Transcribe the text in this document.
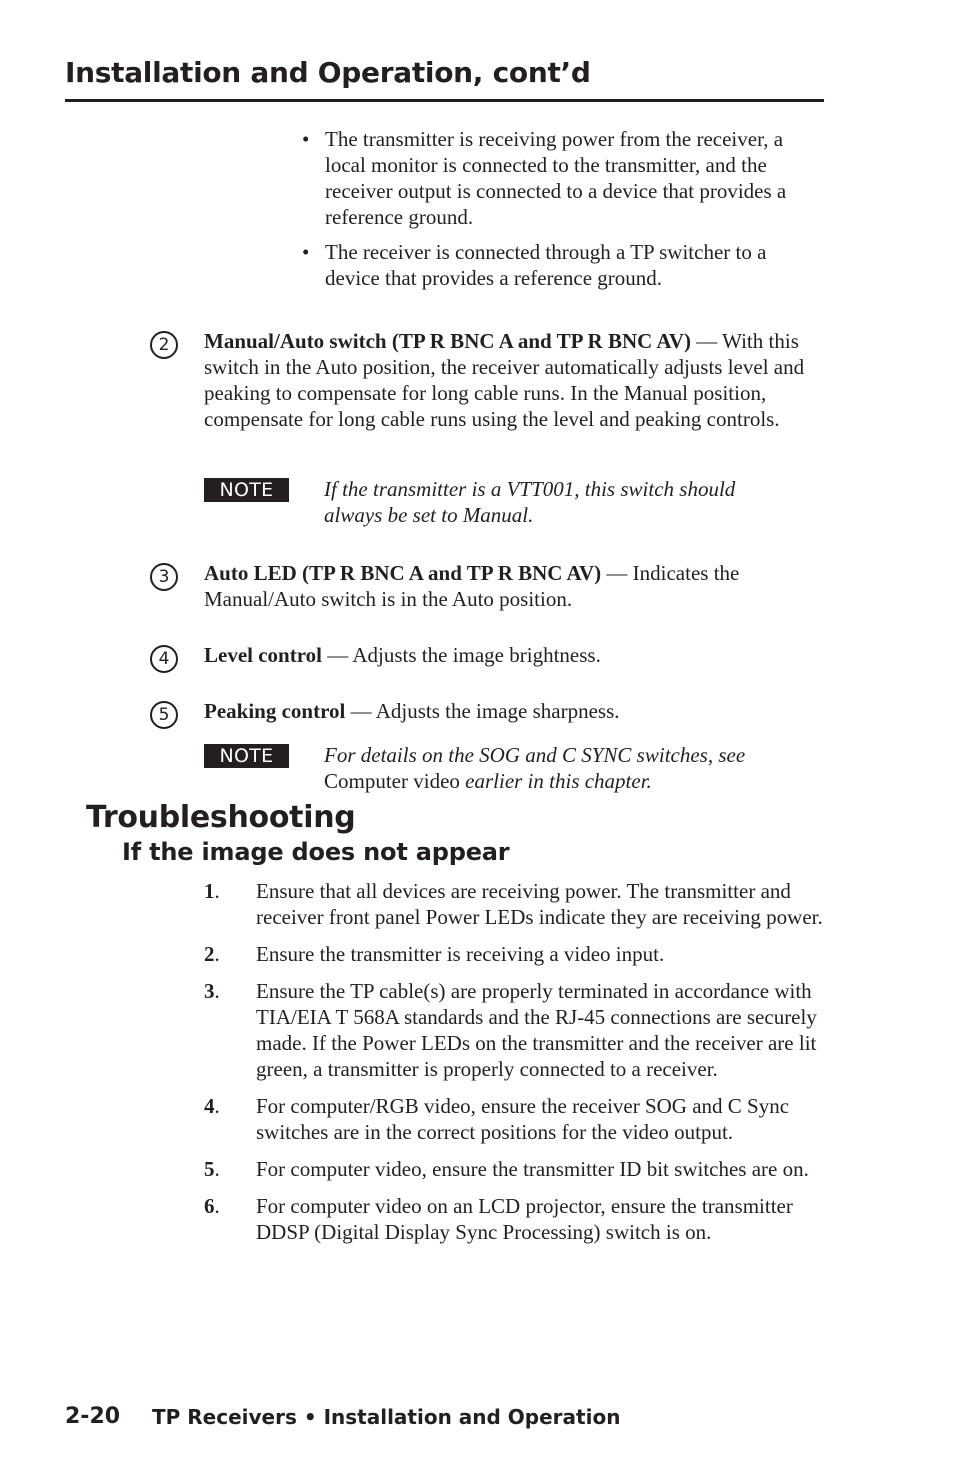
Installation and Operation, cont’d
• The transmitter is receiving power from the receiver, a local monitor is connected to the transmitter, and the receiver output is connected to a device that provides a reference ground.
• The receiver is connected through a TP switcher to a device that provides a reference ground.
2	Manual/Auto switch (TP R BNC A and TP R BNC AV) — With this switch in the Auto position, the receiver automatically adjusts level and peaking to compensate for long cable runs. In the Manual position, compensate for long cable runs using the level and peaking controls.
NOTE	If the transmitter is a VTT001, this switch should always be set to Manual.
3	Auto LED (TP R BNC A and TP R BNC AV) — Indicates the Manual/Auto switch is in the Auto position.
4	Level control — Adjusts the image brightness.
5	Peaking control — Adjusts the image sharpness.
NOTE	For details on the SOG and C SYNC switches, see Computer video earlier in this chapter.
Troubleshooting
If the image does not appear
1. Ensure that all devices are receiving power. The transmitter and receiver front panel Power LEDs indicate they are receiving power.
2. Ensure the transmitter is receiving a video input.
3. Ensure the TP cable(s) are properly terminated in accordance with TIA/EIA T 568A standards and the RJ-45 connections are securely made. If the Power LEDs on the transmitter and the receiver are lit green, a transmitter is properly connected to a receiver.
4. For computer/RGB video, ensure the receiver SOG and C Sync switches are in the correct positions for the video output.
5. For computer video, ensure the transmitter ID bit switches are on.
6. For computer video on an LCD projector, ensure the transmitter DDSP (Digital Display Sync Processing) switch is on.
2-20 TP Receivers • Installation and Operation
